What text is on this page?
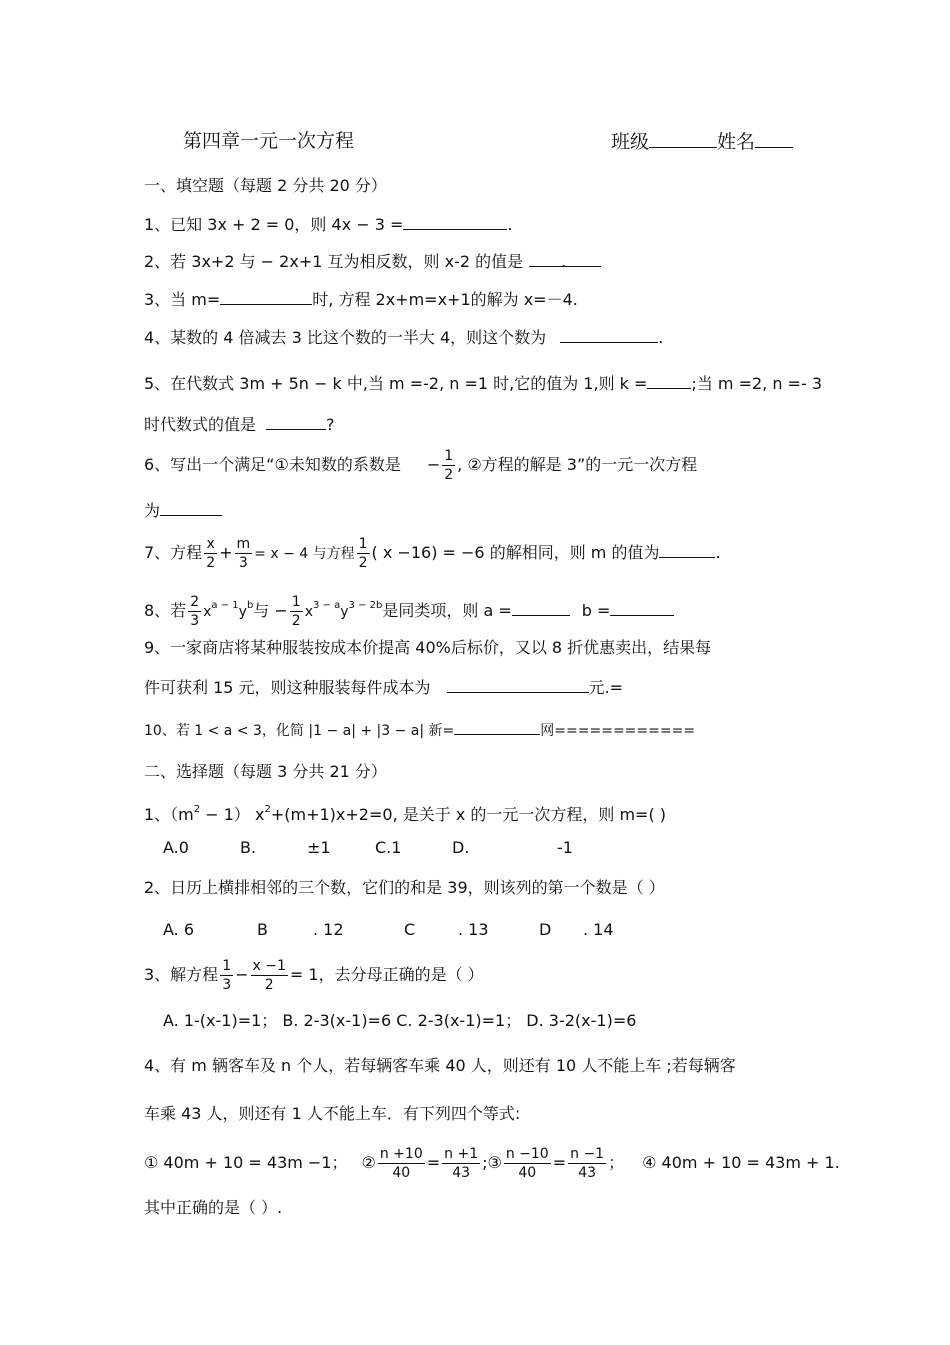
第四章一元一次方程	班级	姓名
一、填空题（每题 2 分共 20 分）
1、已知 3x + 2 = 0，则 4x − 3 =	.
2、若 3x+2 与 − 2x+1 互为相反数，则 x-2 的值是 .
3、当 m=	时, 方程 2x+m=x+1的解为 x=－4.
4、某数的 4 倍减去 3 比这个数的一半大 4，则这个数为	.
5、在代数式 3m + 5n − k 中,当 m =-2, n =1 时,它的值为 1,则 k =	;当 m =2, n =- 3
时代数式的值是	?
6、写出一个满足“①未知数的系数是 − $\frac{1}{2}$ , ②方程的解是 3”的一元一次方程
为
7、方程 $\frac{x}{2} + \frac{m}{3} = x - 4$ 与方程 $\frac{1}{2}$ ( x −16) = −6 的解相同，则 m 的值为	.
8、若 $\frac{2}{3} x^{a - 1}y^b$与 − $\frac{1}{2} x^{3 - a}y^{3 - 2b}$是同类项，则 a =	b =
9、一家商店将某种服装按成本价提高 40%后标价，又以 8 折优惠卖出，结果每
件可获利 15 元，则这种服装每件成本为	元.=
10、若 1 < a < 3，化简 |1 − a| + |3 − a| 新=	网============
二、选择题（每题 3 分共 21 分）
1、$(m^2 - 1)$ $x^2+(m+1)x+2=0$, 是关于 x 的一元一次方程，则 m=( )
A.0	B.	±1	C.1	D.	-1
2、日历上横排相邻的三个数，它们的和是 39，则该列的第一个数是（ ）
A. 6	B	. 12	C	. 13	D . 14
3、解方程 $\frac{1}{3} - \frac{x -1}{2} = 1$，去分母正确的是（ ）
A. 1-(x-1)=1； B. 2-3(x-1)=6 C. 2-3(x-1)=1； D. 3-2(x-1)=6
4、有 m 辆客车及 n 个人，若每辆客车乘 40 人，则还有 10 人不能上车 ;若每辆客
车乘 43 人，则还有 1 人不能上车．有下列四个等式:
① 40m + 10 = 43m −1； ② $\frac{n +10}{40} = \frac{n +1}{43}$ ;③ $\frac{n -10}{40} = \frac{n -1}{43}$ ； ④ 40m + 10 = 43m + 1.
其中正确的是（ ）.
